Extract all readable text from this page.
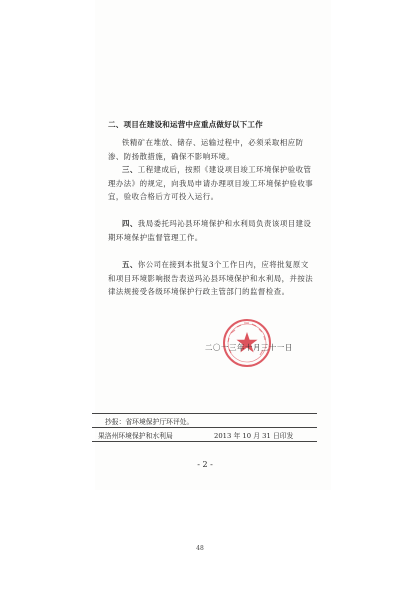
二、项目在建设和运营中应重点做好以下工作

铁精矿在堆放、储存、运输过程中，必须采取相应防渗、防扬散措施，确保不影响环境。

三、工程建成后，按照《建设项目竣工环境保护验收管理办法》的规定，向我局申请办理项目竣工环境保护验收事宜，验收合格后方可投入运行。

四、我局委托玛沁县环境保护和水利局负责该项目建设期环境保护监督管理工作。

五、你公司在接到本批复3个工作日内，应将批复原文和项目环境影响报告表送玛沁县环境保护和水利局，并按法律法规接受各级环境保护行政主管部门的监督检查。

二〇一三年十月三十一日
抄报：省环境保护厅环评处。
果洛州环境保护和水利局	2013 年 10 月 31 日印发
- 2 -
48
